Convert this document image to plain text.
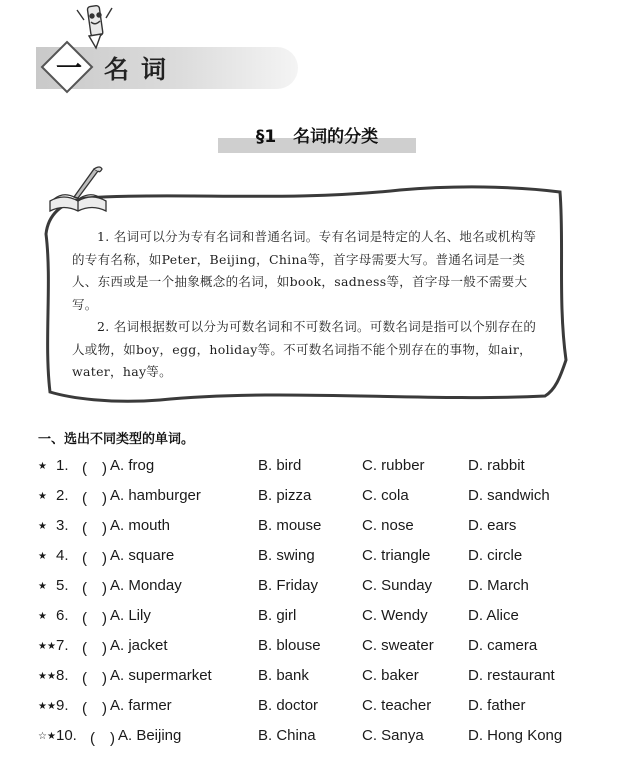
一 名词
§1　名词的分类

1. 名词可以分为专有名词和普通名词。专有名词是特定的人名、地名或机构等的专有名称，如Peter，Beijing，China等，首字母需要大写。普通名词是一类人、东西或是一个抽象概念的名词，如book，sadness等，首字母一般不需要大写。

2. 名词根据数可以分为可数名词和不可数名词。可数名词是指可以个别存在的人或物，如boy，egg，holiday等。不可数名词指不能个别存在的事物，如air，water，hay等。

一、选出不同类型的单词。
★ 1. (　) A. frog	B. bird	C. rubber	D. rabbit
★ 2. (　) A. hamburger	B. pizza	C. cola	D. sandwich
★ 3. (　) A. mouth	B. mouse	C. nose	D. ears
★ 4. (　) A. square	B. swing	C. triangle	D. circle
★ 5. (　) A. Monday	B. Friday	C. Sunday D. March
★ 6. (　) A. Lily	B. girl	C. Wendy	D. Alice
★★ 7. (　) A. jacket	B. blouse	C. sweater D. camera
★★ 8. (　) A. supermarket	B. bank	C. baker	D. restaurant
★★ 9. (　) A. farmer	B. doctor	C. teacher D. father
☆★ 10. (　) A. Beijing	B. China	C. Sanya	D. Hong Kong
